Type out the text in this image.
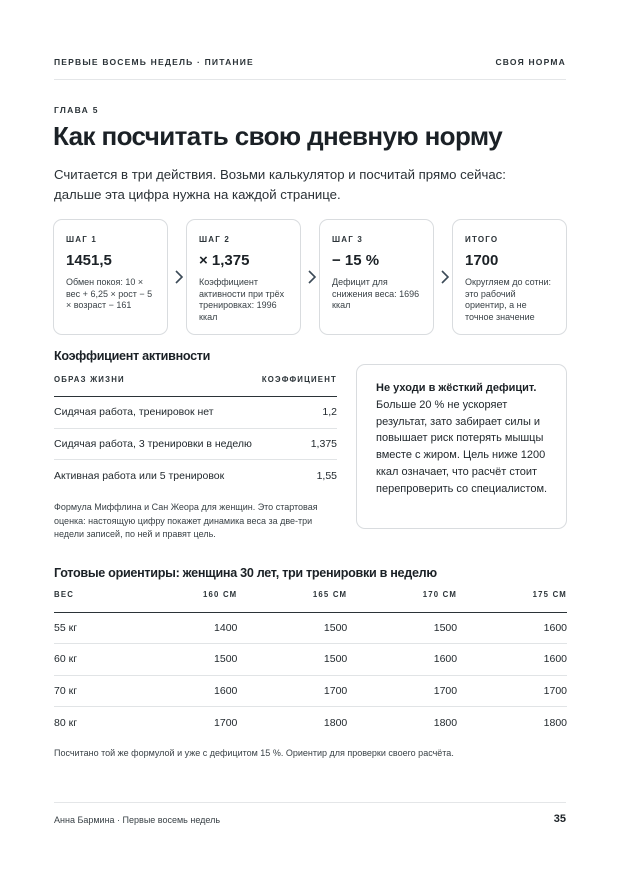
ПЕРВЫЕ ВОСЕМЬ НЕДЕЛЬ · ПИТАНИЕ	СВОЯ НОРМА
ГЛАВА 5
Как посчитать свою дневную норму

Считается в три действия. Возьми калькулятор и посчитай прямо сейчас: дальше эта цифра нужна на каждой странице.

ШАГ 1
1451,5
Обмен покоя: 10 × вес + 6,25 × рост − 5 × возраст − 161
ШАГ 2
× 1,375
Коэффициент активности при трёх тренировках: 1996 ккал
ШАГ 3
− 15 %
Дефицит для снижения веса: 1696 ккал
ИТОГО
1700
Округляем до сотни: это рабочий ориентир, а не точное значение
Коэффициент активности
ОБРАЗ ЖИЗНИ	КОЭФФИЦИЕНТ
Сидячая работа, тренировок нет	1,2
Сидячая работа, 3 тренировки в неделю	1,375
Активная работа или 5 тренировок	1,55

Формула Миффлина и Сан Жеора для женщин. Это стартовая оценка: настоящую цифру покажет динамика веса за две-три недели записей, по ней и правят цель.

Не уходи в жёсткий дефицит. Больше 20 % не ускоряет результат, зато забирает силы и повышает риск потерять мышцы вместе с жиром. Цель ниже 1200 ккал означает, что расчёт стоит перепроверить со специалистом.
Готовые ориентиры: женщина 30 лет, три тренировки в неделю
ВЕС	160 СМ	165 СМ	170 СМ	175 СМ
55 кг	1400	1500	1500	1600
60 кг	1500	1500	1600	1600
70 кг	1600	1700	1700	1700
80 кг	1700	1800	1800	1800

Посчитано той же формулой и уже с дефицитом 15 %. Ориентир для проверки своего расчёта.

Анна Бармина · Первые восемь недель	35
